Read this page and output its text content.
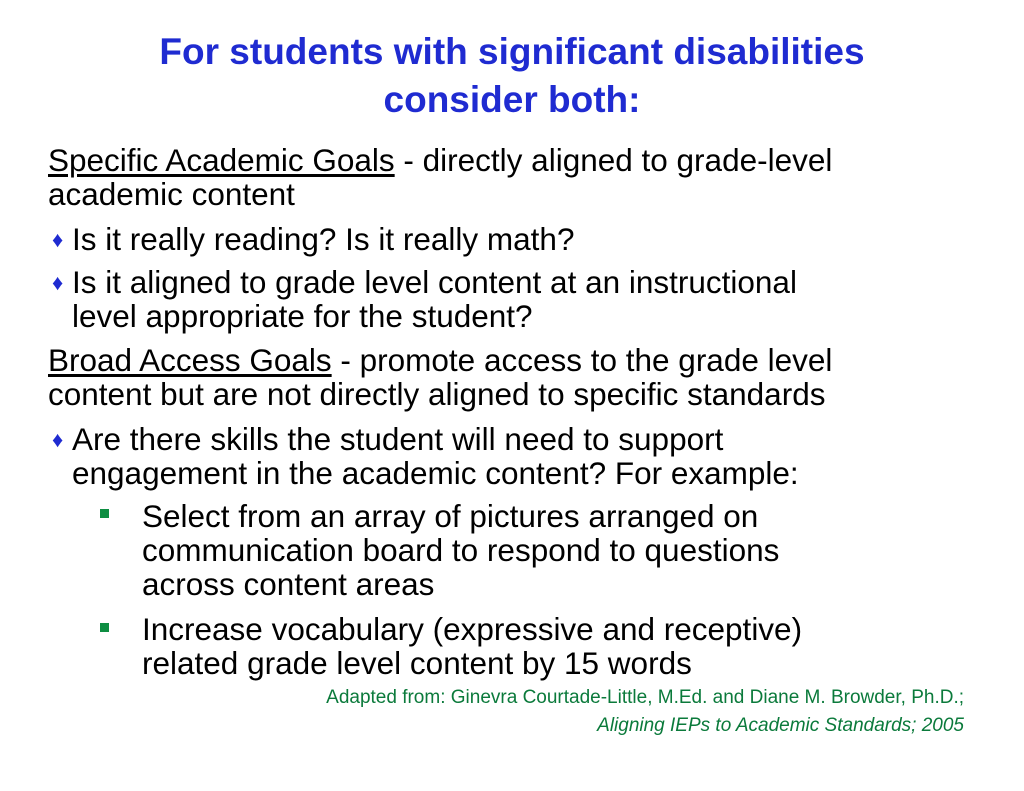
For students with significant disabilities
consider both:
Specific Academic Goals - directly aligned to grade-level
academic content
♦ Is it really reading? Is it really math?
♦ Is it aligned to grade level content at an instructional
level appropriate for the student?
Broad Access Goals - promote access to the grade level
content but are not directly aligned to specific standards
♦ Are there skills the student will need to support
engagement in the academic content? For example:
Select from an array of pictures arranged on
communication board to respond to questions
across content areas
Increase vocabulary (expressive and receptive)
related grade level content by 15 words
Adapted from: Ginevra Courtade-Little, M.Ed. and Diane M. Browder, Ph.D.;
Aligning IEPs to Academic Standards; 2005
